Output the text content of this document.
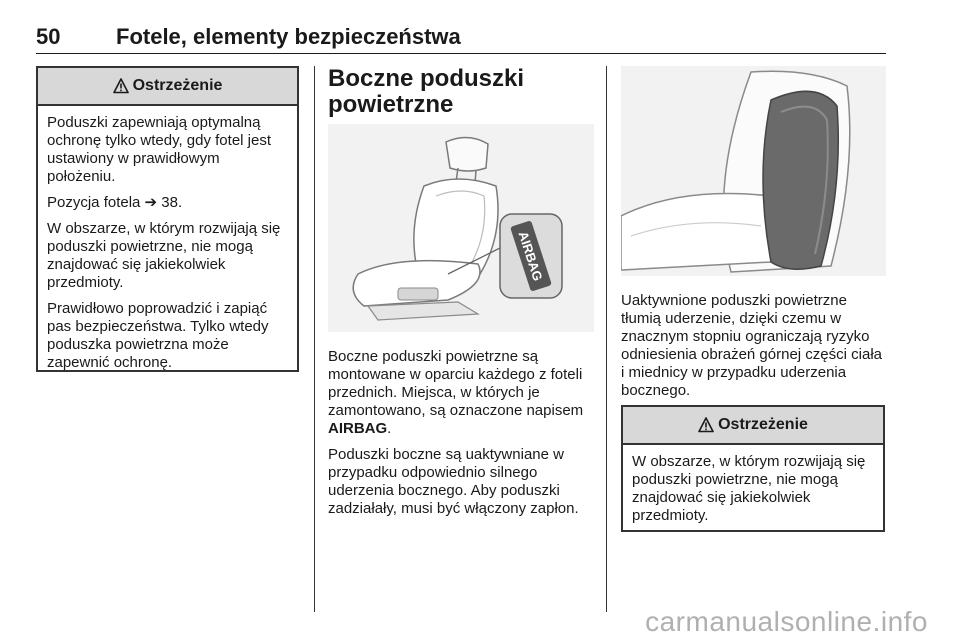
50	Fotele, elementy bezpieczeństwa
Ostrzeżenie

Poduszki zapewniają optymalną ochronę tylko wtedy, gdy fotel jest ustawiony w prawidłowym położeniu.

Pozycja fotela ➔ 38.

W obszarze, w którym rozwijają się poduszki powietrzne, nie mogą znajdować się jakiekolwiek przedmioty.

Prawidłowo poprowadzić i zapiąć pas bezpieczeństwa. Tylko wtedy poduszka powietrzna może zapewnić ochronę.

Boczne poduszki
powietrzne
AIRBAG

Boczne poduszki powietrzne są montowane w oparciu każdego z foteli przednich. Miejsca, w których je zamontowano, są oznaczone napisem AIRBAG.

Poduszki boczne są uaktywniane w przypadku odpowiednio silnego uderzenia bocznego. Aby poduszki zadziałały, musi być włączony zapłon.

Uaktywnione poduszki powietrzne tłumią uderzenie, dzięki czemu w znacznym stopniu ograniczają ryzyko odniesienia obrażeń górnej części ciała i miednicy w przypadku uderzenia bocznego.

Ostrzeżenie

W obszarze, w którym rozwijają się poduszki powietrzne, nie mogą znajdować się jakiekolwiek przedmioty.

carmanualsonline.info
